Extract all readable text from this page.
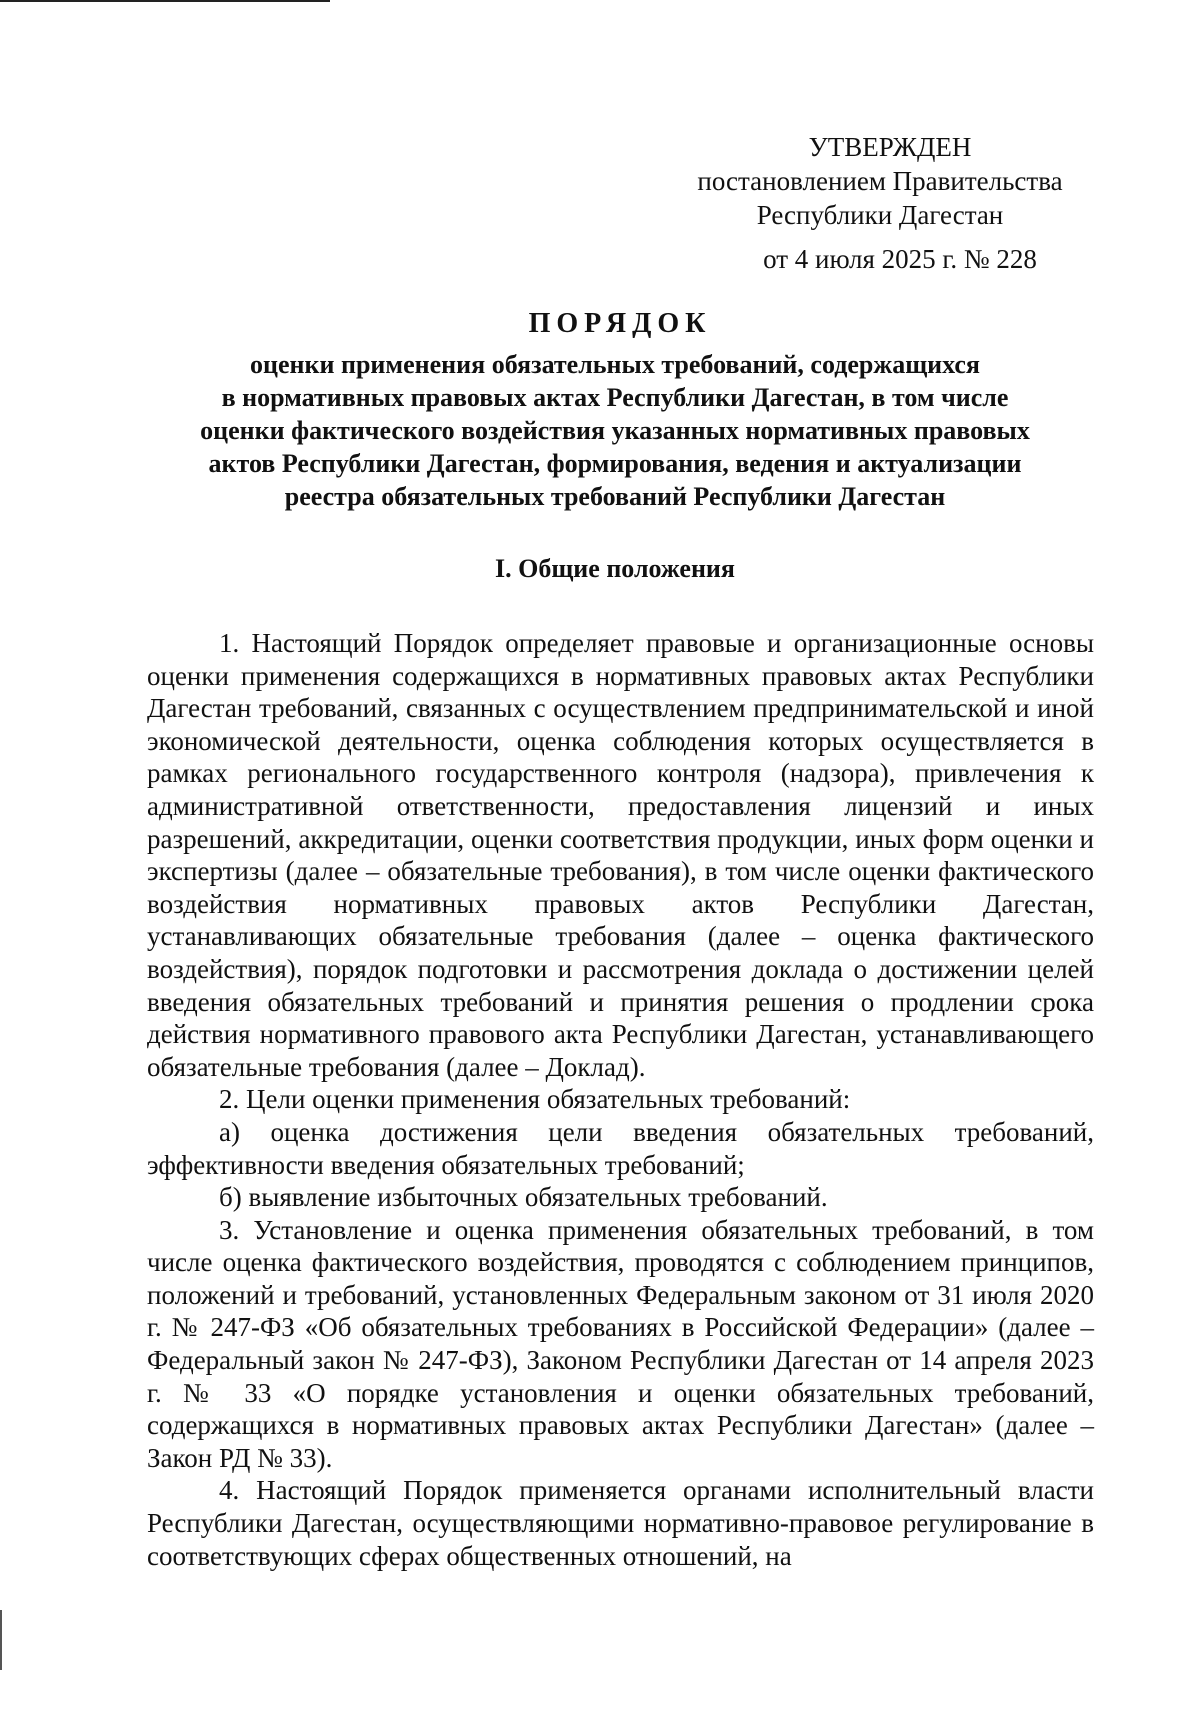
УТВЕРЖДЕН
постановлением Правительства
Республики Дагестан
от 4 июля 2025 г. № 228
ПОРЯДОК
оценки применения обязательных требований, содержащихся
в нормативных правовых актах Республики Дагестан, в том числе
оценки фактического воздействия указанных нормативных правовых
актов Республики Дагестан, формирования, ведения и актуализации
реестра обязательных требований Республики Дагестан
I. Общие положения

1. Настоящий Порядок определяет правовые и организационные основы оценки применения содержащихся в нормативных правовых актах Республики Дагестан требований, связанных с осуществлением предпринимательской и иной экономической деятельности, оценка соблюдения которых осуществляется в рамках регионального государственного контроля (надзора), привлечения к административной ответственности, предоставления лицензий и иных разрешений, аккредитации, оценки соответствия продукции, иных форм оценки и экспертизы (далее – обязательные требования), в том числе оценки фактического воздействия нормативных правовых актов Республики Дагестан, устанавливающих обязательные требования (далее – оценка фактического воздействия), порядок подготовки и рассмотрения доклада о достижении целей введения обязательных требований и принятия решения о продлении срока действия нормативного правового акта Республики Дагестан, устанавливающего обязательные требования (далее – Доклад).

2. Цели оценки применения обязательных требований:

а) оценка достижения цели введения обязательных требований, эффективности введения обязательных требований;

б) выявление избыточных обязательных требований.

3. Установление и оценка применения обязательных требований, в том числе оценка фактического воздействия, проводятся с соблюдением принципов, положений и требований, установленных Федеральным законом от 31 июля 2020 г. № 247-ФЗ «Об обязательных требованиях в Российской Федерации» (далее – Федеральный закон № 247-ФЗ), Законом Республики Дагестан от 14 апреля 2023 г. № 33 «О порядке установления и оценки обязательных требований, содержащихся в нормативных правовых актах Республики Дагестан» (далее – Закон РД № 33).

4. Настоящий Порядок применяется органами исполнительный власти Республики Дагестан, осуществляющими нормативно-правовое регулирование в соответствующих сферах общественных отношений, на
